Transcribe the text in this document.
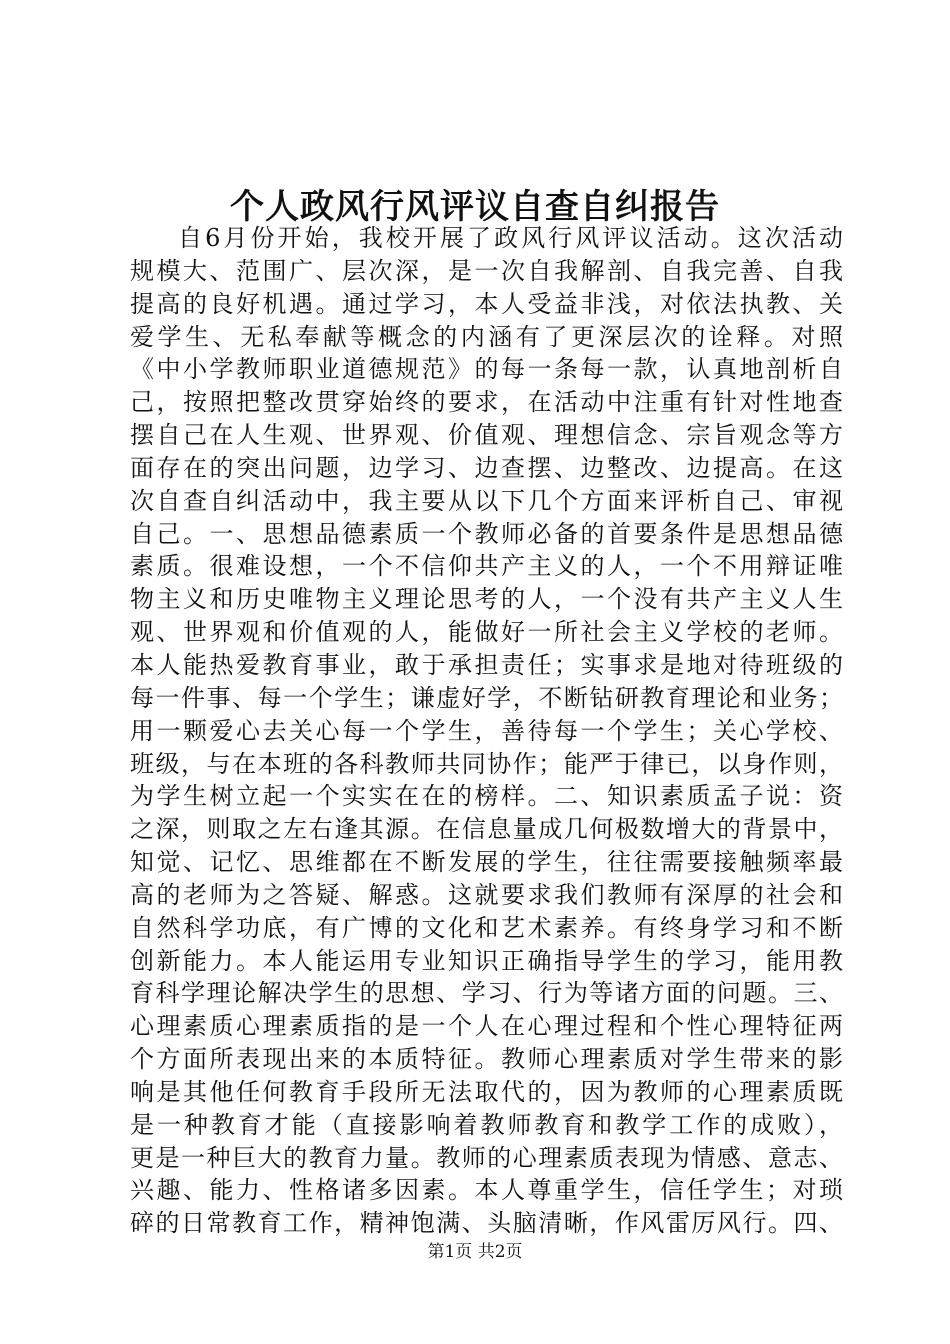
个人政风行风评议自查自纠报告
自6月份开始，我校开展了政风行风评议活动。这次活动
规模大、范围广、层次深，是一次自我解剖、自我完善、自我
提高的良好机遇。通过学习，本人受益非浅，对依法执教、关
爱学生、无私奉献等概念的内涵有了更深层次的诠释。对照
《中小学教师职业道德规范》的每一条每一款，认真地剖析自
己，按照把整改贯穿始终的要求，在活动中注重有针对性地查
摆自己在人生观、世界观、价值观、理想信念、宗旨观念等方
面存在的突出问题，边学习、边查摆、边整改、边提高。在这
次自查自纠活动中，我主要从以下几个方面来评析自己、审视
自己。一、思想品德素质一个教师必备的首要条件是思想品德
素质。很难设想，一个不信仰共产主义的人，一个不用辩证唯
物主义和历史唯物主义理论思考的人，一个没有共产主义人生
观、世界观和价值观的人，能做好一所社会主义学校的老师。
本人能热爱教育事业，敢于承担责任；实事求是地对待班级的
每一件事、每一个学生；谦虚好学，不断钻研教育理论和业务；
用一颗爱心去关心每一个学生，善待每一个学生；关心学校、
班级，与在本班的各科教师共同协作；能严于律已，以身作则，
为学生树立起一个实实在在的榜样。二、知识素质孟子说：资
之深，则取之左右逢其源。在信息量成几何极数增大的背景中，
知觉、记忆、思维都在不断发展的学生，往往需要接触频率最
高的老师为之答疑、解惑。这就要求我们教师有深厚的社会和
自然科学功底，有广博的文化和艺术素养。有终身学习和不断
创新能力。本人能运用专业知识正确指导学生的学习，能用教
育科学理论解决学生的思想、学习、行为等诸方面的问题。三、
心理素质心理素质指的是一个人在心理过程和个性心理特征两
个方面所表现出来的本质特征。教师心理素质对学生带来的影
响是其他任何教育手段所无法取代的，因为教师的心理素质既
是一种教育才能（直接影响着教师教育和教学工作的成败），
更是一种巨大的教育力量。教师的心理素质表现为情感、意志、
兴趣、能力、性格诸多因素。本人尊重学生，信任学生；对琐
碎的日常教育工作，精神饱满、头脑清晰，作风雷厉风行。四、
第1页 共2页
